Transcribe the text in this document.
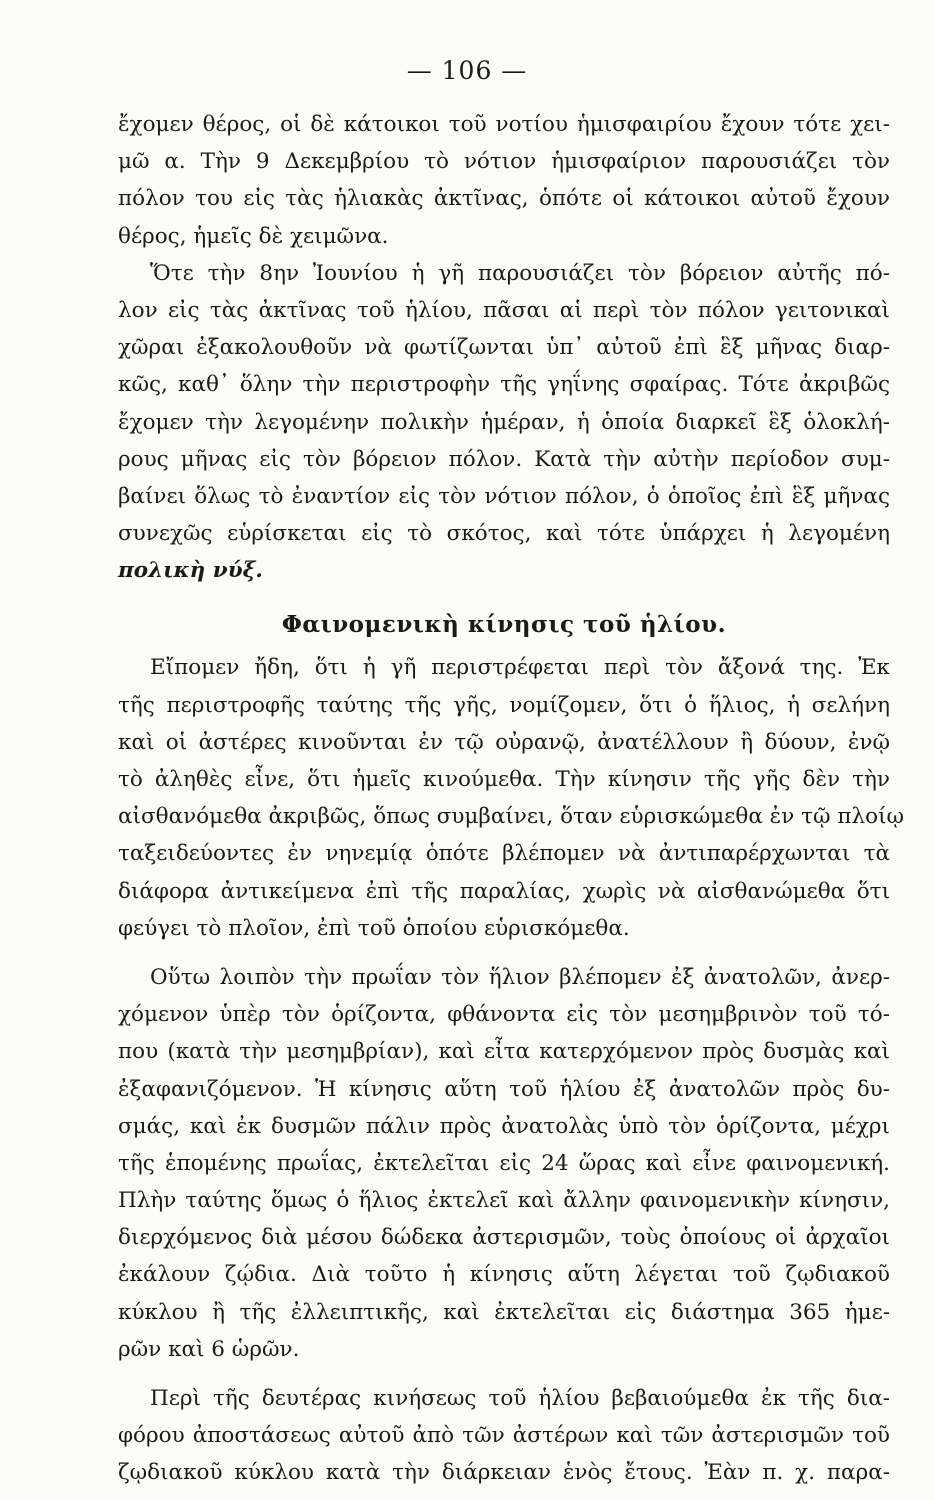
— 106 —
ἔχομεν θέρος, οἱ δὲ κάτοικοι τοῦ νοτίου ἡμισφαιρίου ἔχουν τότε χει-
μῶ α. Τὴν 9 Δεκεμβρίου τὸ νότιον ἡμισφαίριον παρουσιάζει τὸν
πόλον του εἰς τὰς ἡλιακὰς ἀκτῖνας, ὁπότε οἱ κάτοικοι αὐτοῦ ἔχουν
θέρος, ἡμεῖς δὲ χειμῶνα.
Ὅτε τὴν 8ην Ἰουνίου ἡ γῆ παρουσιάζει τὸν βόρειον αὐτῆς πό-
λον εἰς τὰς ἀκτῖνας τοῦ ἡλίου, πᾶσαι αἱ περὶ τὸν πόλον γειτονικαὶ
χῶραι ἐξακολουθοῦν νὰ φωτίζωνται ὑπ᾽ αὐτοῦ ἐπὶ ἓξ μῆνας διαρ-
κῶς, καθ᾽ ὅλην τὴν περιστροφὴν τῆς γηΐνης σφαίρας. Τότε ἀκριβῶς
ἔχομεν τὴν λεγομένην πολικὴν ἡμέραν, ἡ ὁποία διαρκεῖ ἓξ ὁλοκλή-
ρους μῆνας εἰς τὸν βόρειον πόλον. Κατὰ τὴν αὐτὴν περίοδον συμ-
βαίνει ὅλως τὸ ἐναντίον εἰς τὸν νότιον πόλον, ὁ ὁποῖος ἐπὶ ἓξ μῆνας
συνεχῶς εὑρίσκεται εἰς τὸ σκότος, καὶ τότε ὑπάρχει ἡ λεγομένη
πολικὴ νύξ.
Φαινομενικὴ κίνησις τοῦ ἡλίου.
Εἴπομεν ἤδη, ὅτι ἡ γῆ περιστρέφεται περὶ τὸν ἄξονά της. Ἐκ
τῆς περιστροφῆς ταύτης τῆς γῆς, νομίζομεν, ὅτι ὁ ἥλιος, ἡ σελήνη
καὶ οἱ ἀστέρες κινοῦνται ἐν τῷ οὐρανῷ, ἀνατέλλουν ἢ δύουν, ἐνῷ
τὸ ἀληθὲς εἶνε, ὅτι ἡμεῖς κινούμεθα. Τὴν κίνησιν τῆς γῆς δὲν τὴν
αἰσθανόμεθα ἀκριβῶς, ὅπως συμβαίνει, ὅταν εὑρισκώμεθα ἐν τῷ πλοίῳ
ταξειδεύοντες ἐν νηνεμίᾳ ὁπότε βλέπομεν νὰ ἀντιπαρέρχωνται τὰ
διάφορα ἀντικείμενα ἐπὶ τῆς παραλίας, χωρὶς νὰ αἰσθανώμεθα ὅτι
φεύγει τὸ πλοῖον, ἐπὶ τοῦ ὁποίου εὑρισκόμεθα.
Οὕτω λοιπὸν τὴν πρωΐαν τὸν ἥλιον βλέπομεν ἐξ ἀνατολῶν, ἀνερ-
χόμενον ὑπὲρ τὸν ὁρίζοντα, φθάνοντα εἰς τὸν μεσημβρινὸν τοῦ τό-
που (κατὰ τὴν μεσημβρίαν), καὶ εἶτα κατερχόμενον πρὸς δυσμὰς καὶ
ἐξαφανιζόμενον. Ἡ κίνησις αὕτη τοῦ ἡλίου ἐξ ἀνατολῶν πρὸς δυ-
σμάς, καὶ ἐκ δυσμῶν πάλιν πρὸς ἀνατολὰς ὑπὸ τὸν ὁρίζοντα, μέχρι
τῆς ἑπομένης πρωΐας, ἐκτελεῖται εἰς 24 ὥρας καὶ εἶνε φαινομενική.
Πλὴν ταύτης ὅμως ὁ ἥλιος ἐκτελεῖ καὶ ἄλλην φαινομενικὴν κίνησιν,
διερχόμενος διὰ μέσου δώδεκα ἀστερισμῶν, τοὺς ὁποίους οἱ ἀρχαῖοι
ἐκάλουν ζῴδια. Διὰ τοῦτο ἡ κίνησις αὕτη λέγεται τοῦ ζῳδιακοῦ
κύκλου ἢ τῆς ἐλλειπτικῆς, καὶ ἐκτελεῖται εἰς διάστημα 365 ἡμε-
ρῶν καὶ 6 ὡρῶν.
Περὶ τῆς δευτέρας κινήσεως τοῦ ἡλίου βεβαιούμεθα ἐκ τῆς δια-
φόρου ἀποστάσεως αὐτοῦ ἀπὸ τῶν ἀστέρων καὶ τῶν ἀστερισμῶν τοῦ
ζῳδιακοῦ κύκλου κατὰ τὴν διάρκειαν ἑνὸς ἔτους. Ἐὰν π. χ. παρα-
